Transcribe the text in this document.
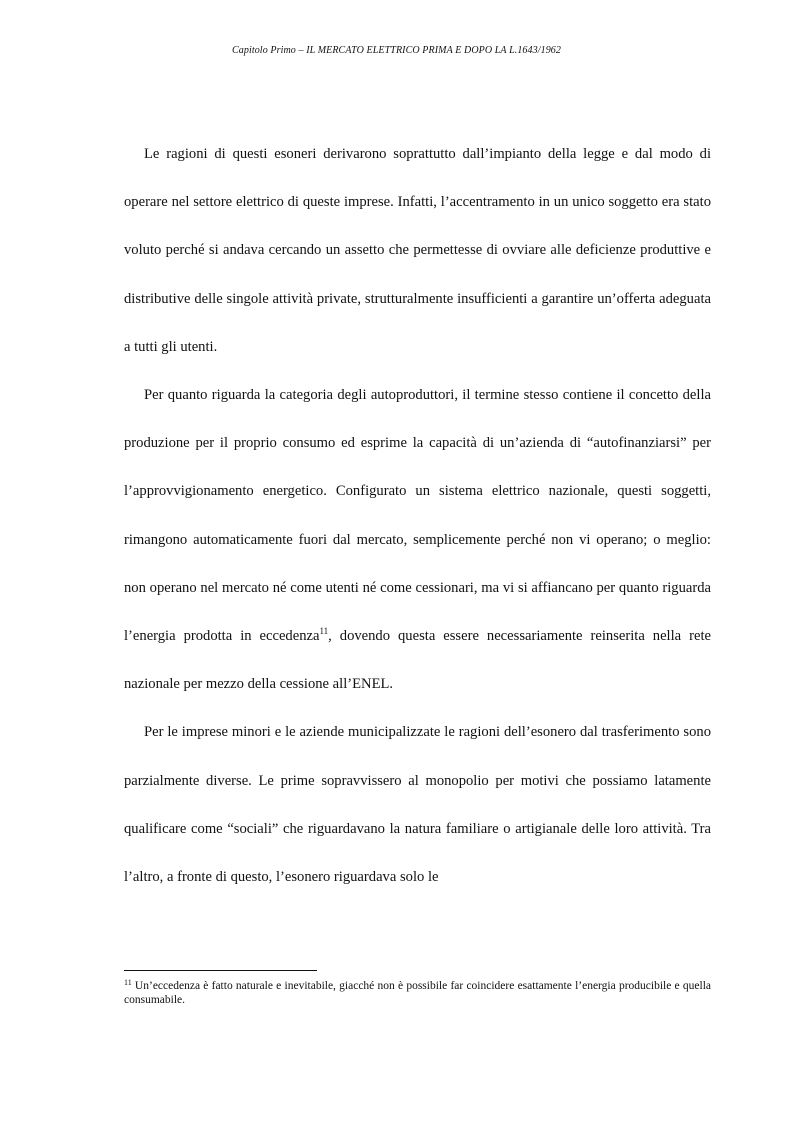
Capitolo Primo – IL MERCATO ELETTRICO PRIMA E DOPO LA L.1643/1962

Le ragioni di questi esoneri derivarono soprattutto dall’impianto della legge e dal modo di operare nel settore elettrico di queste imprese. Infatti, l’accentramento in un unico soggetto era stato voluto perché si andava cercando un assetto che permettesse di ovviare alle deficienze produttive e distributive delle singole attività private, strutturalmente insufficienti a garantire un’offerta adeguata a tutti gli utenti.

Per quanto riguarda la categoria degli autoproduttori, il termine stesso contiene il concetto della produzione per il proprio consumo ed esprime la capacità di un’azienda di “autofinanziarsi” per l’approvvigionamento energetico. Configurato un sistema elettrico nazionale, questi soggetti, rimangono automaticamente fuori dal mercato, semplicemente perché non vi operano; o meglio: non operano nel mercato né come utenti né come cessionari, ma vi si affiancano per quanto riguarda l’energia prodotta in eccedenza$^{11}$, dovendo questa essere necessariamente reinserita nella rete nazionale per mezzo della cessione all’ENEL.

Per le imprese minori e le aziende municipalizzate le ragioni dell’esonero dal trasferimento sono parzialmente diverse. Le prime sopravvissero al monopolio per motivi che possiamo latamente qualificare come “sociali” che riguardavano la natura familiare o artigianale delle loro attività. Tra l’altro, a fronte di questo, l’esonero riguardava solo le

$^{11}$ Un’eccedenza è fatto naturale e inevitabile, giacché non è possibile far coincidere esattamente l’energia producibile e quella consumabile.
